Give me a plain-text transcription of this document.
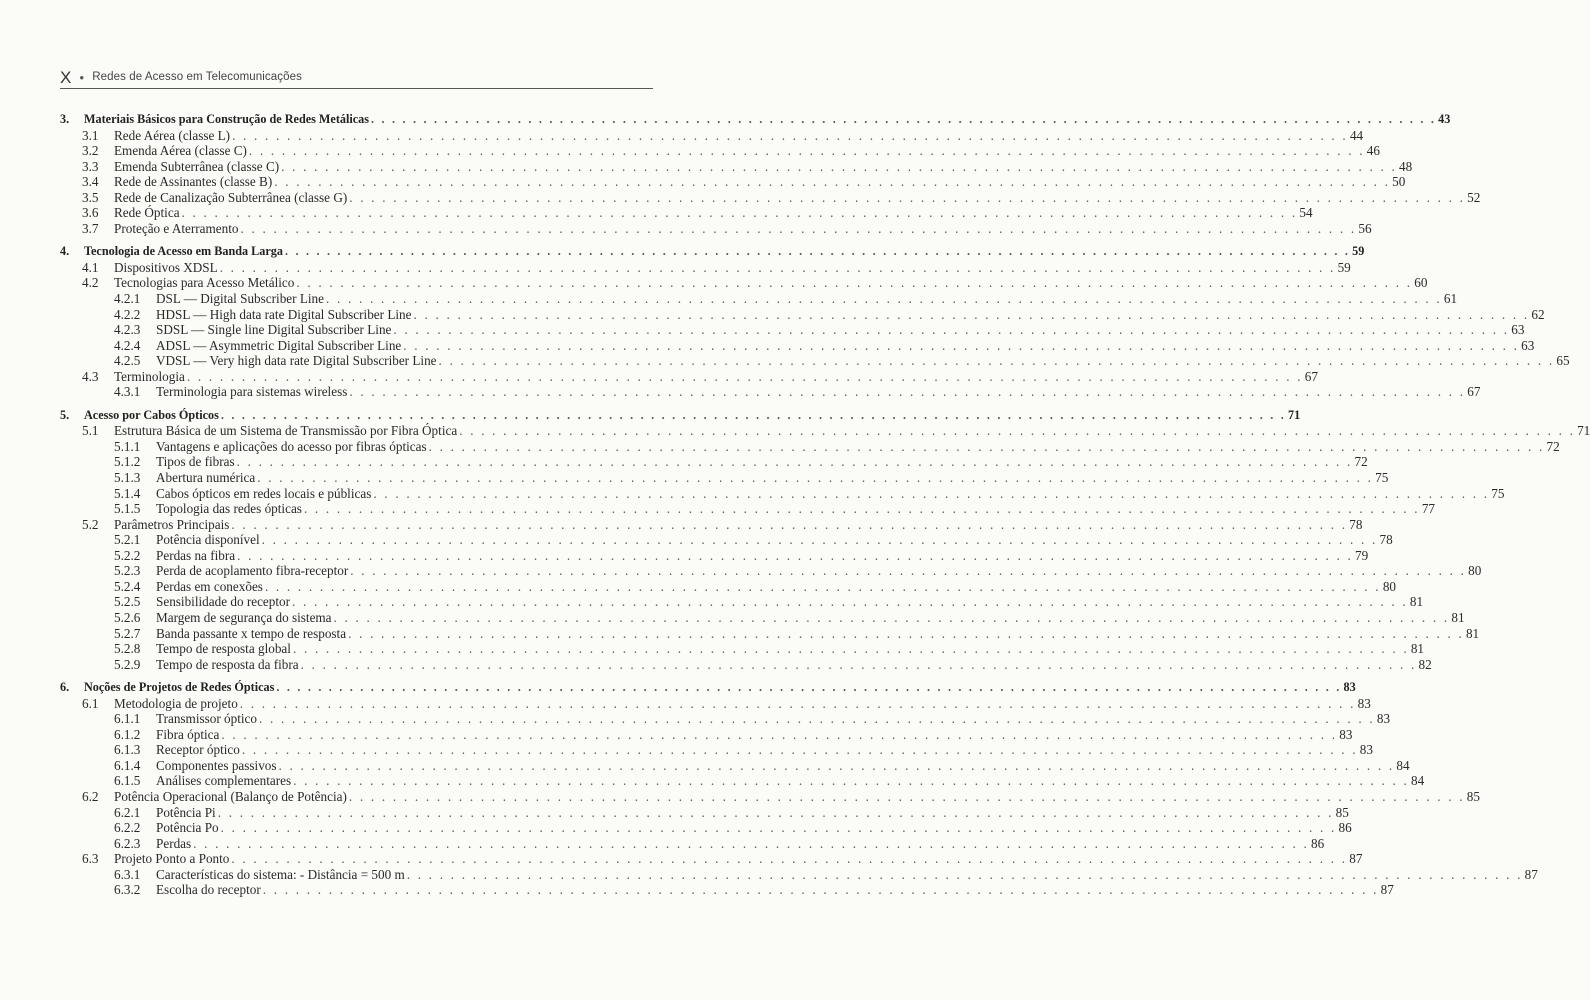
X ● Redes de Acesso em Telecomunicações
3.	Materiais Básicos para Construção de Redes Metálicas . . .	43
3.1	Rede Aérea (classe L) . . .	44
3.2	Emenda Aérea (classe C) . . .	46
3.3	Emenda Subterrânea (classe C) . . .	48
3.4	Rede de Assinantes (classe B) . . .	50
3.5	Rede de Canalização Subterrânea (classe G) . . .	52
3.6	Rede Óptica . . .	54
3.7	Proteção e Aterramento . . .	56
4.	Tecnologia de Acesso em Banda Larga . . .	59
4.1	Dispositivos XDSL . . .	59
4.2	Tecnologias para Acesso Metálico . . .	60
4.2.1	DSL — Digital Subscriber Line . . .	61
4.2.2	HDSL — High data rate Digital Subscriber Line . . .	62
4.2.3	SDSL — Single line Digital Subscriber Line . . .	63
4.2.4	ADSL — Asymmetric Digital Subscriber Line . . .	63
4.2.5	VDSL — Very high data rate Digital Subscriber Line . . .	65
4.3	Terminologia . . .	67
4.3.1	Terminologia para sistemas wireless . . .	67
5.	Acesso por Cabos Ópticos . . .	71
5.1	Estrutura Básica de um Sistema de Transmissão por Fibra Óptica . . .	71
5.1.1	Vantagens e aplicações do acesso por fibras ópticas . . .	72
5.1.2	Tipos de fibras . . .	72
5.1.3	Abertura numérica . . .	75
5.1.4	Cabos ópticos em redes locais e públicas . . .	75
5.1.5	Topologia das redes ópticas . . .	77
5.2	Parâmetros Principais . . .	78
5.2.1	Potência disponível . . .	78
5.2.2	Perdas na fibra . . .	79
5.2.3	Perda de acoplamento fibra-receptor . . .	80
5.2.4	Perdas em conexões . . .	80
5.2.5	Sensibilidade do receptor . . .	81
5.2.6	Margem de segurança do sistema . . .	81
5.2.7	Banda passante x tempo de resposta . . .	81
5.2.8	Tempo de resposta global . . .	81
5.2.9	Tempo de resposta da fibra . . .	82
6.	Noções de Projetos de Redes Ópticas . . .	83
6.1	Metodologia de projeto . . .	83
6.1.1	Transmissor óptico . . .	83
6.1.2	Fibra óptica . . .	83
6.1.3	Receptor óptico . . .	83
6.1.4	Componentes passivos . . .	84
6.1.5	Análises complementares . . .	84
6.2	Potência Operacional (Balanço de Potência) . . .	85
6.2.1	Potência Pi . . .	85
6.2.2	Potência Po . . .	86
6.2.3	Perdas . . .	86
6.3	Projeto Ponto a Ponto . . .	87
6.3.1	Características do sistema: - Distância = 500 m . . .	87
6.3.2	Escolha do receptor . . .	87
